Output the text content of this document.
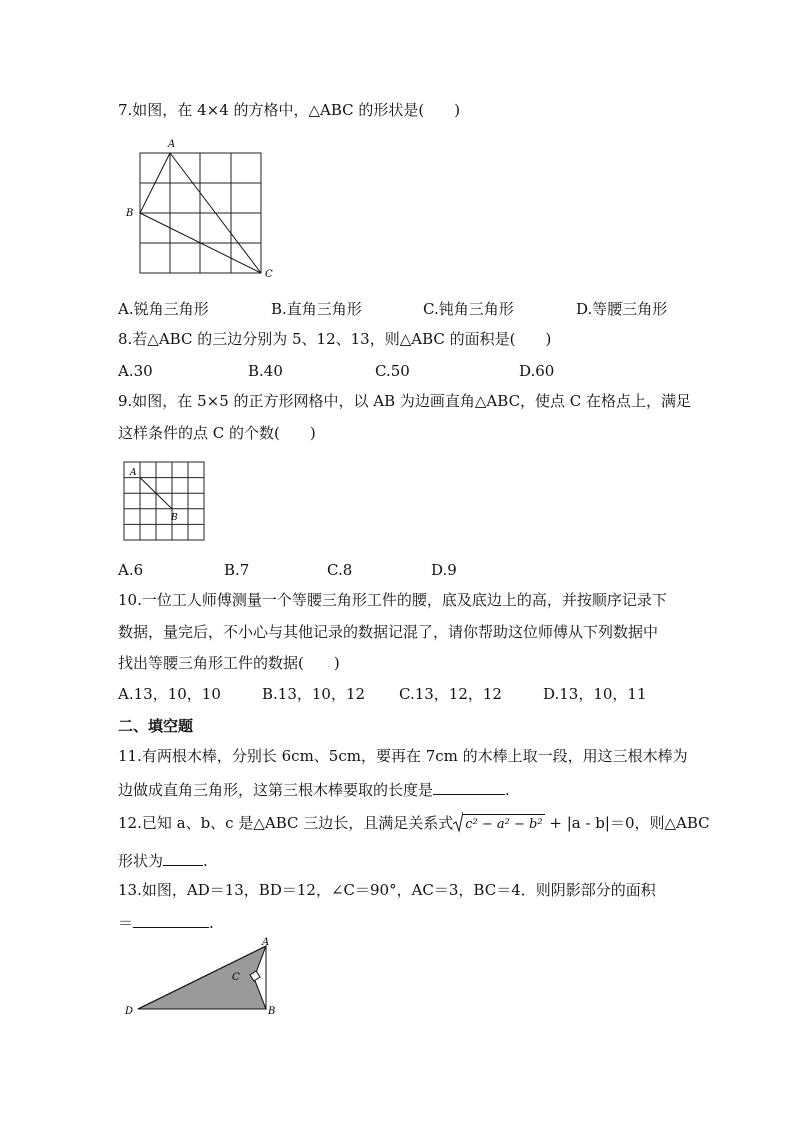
7.如图，在 4×4 的方格中，△ABC 的形状是(　　)
A
B
C
A.锐角三角形	B.直角三角形	C.钝角三角形	D.等腰三角形
8.若△ABC 的三边分别为 5、12、13，则△ABC 的面积是(　　)
A.30	B.40	C.50	D.60
9.如图，在 5×5 的正方形网格中，以 AB 为边画直角△ABC，使点 C 在格点上，满足
这样条件的点 C 的个数(　　)
A
B
A.6	B.7	C.8	D.9
10.一位工人师傅测量一个等腰三角形工件的腰，底及底边上的高，并按顺序记录下
数据，量完后，不小心与其他记录的数据记混了，请你帮助这位师傅从下列数据中
找出等腰三角形工件的数据(　　)
A.13，10，10	B.13，10，12 C.13，12，12	D.13，10，11
二、填空题
11.有两根木棒，分别长 6cm、5cm，要再在 7cm 的木棒上取一段，用这三根木棒为
边做成直角三角形，这第三根木棒要取的长度是	.
12.已知 a、b、c 是△ABC 三边长，且满足关系式 c² − a² − b² + |a - b|＝0，则△ABC
形状为	.
13.如图，AD＝13，BD＝12，∠C＝90°，AC＝3，BC＝4．则阴影部分的面积
＝	.
A
C
D	B
